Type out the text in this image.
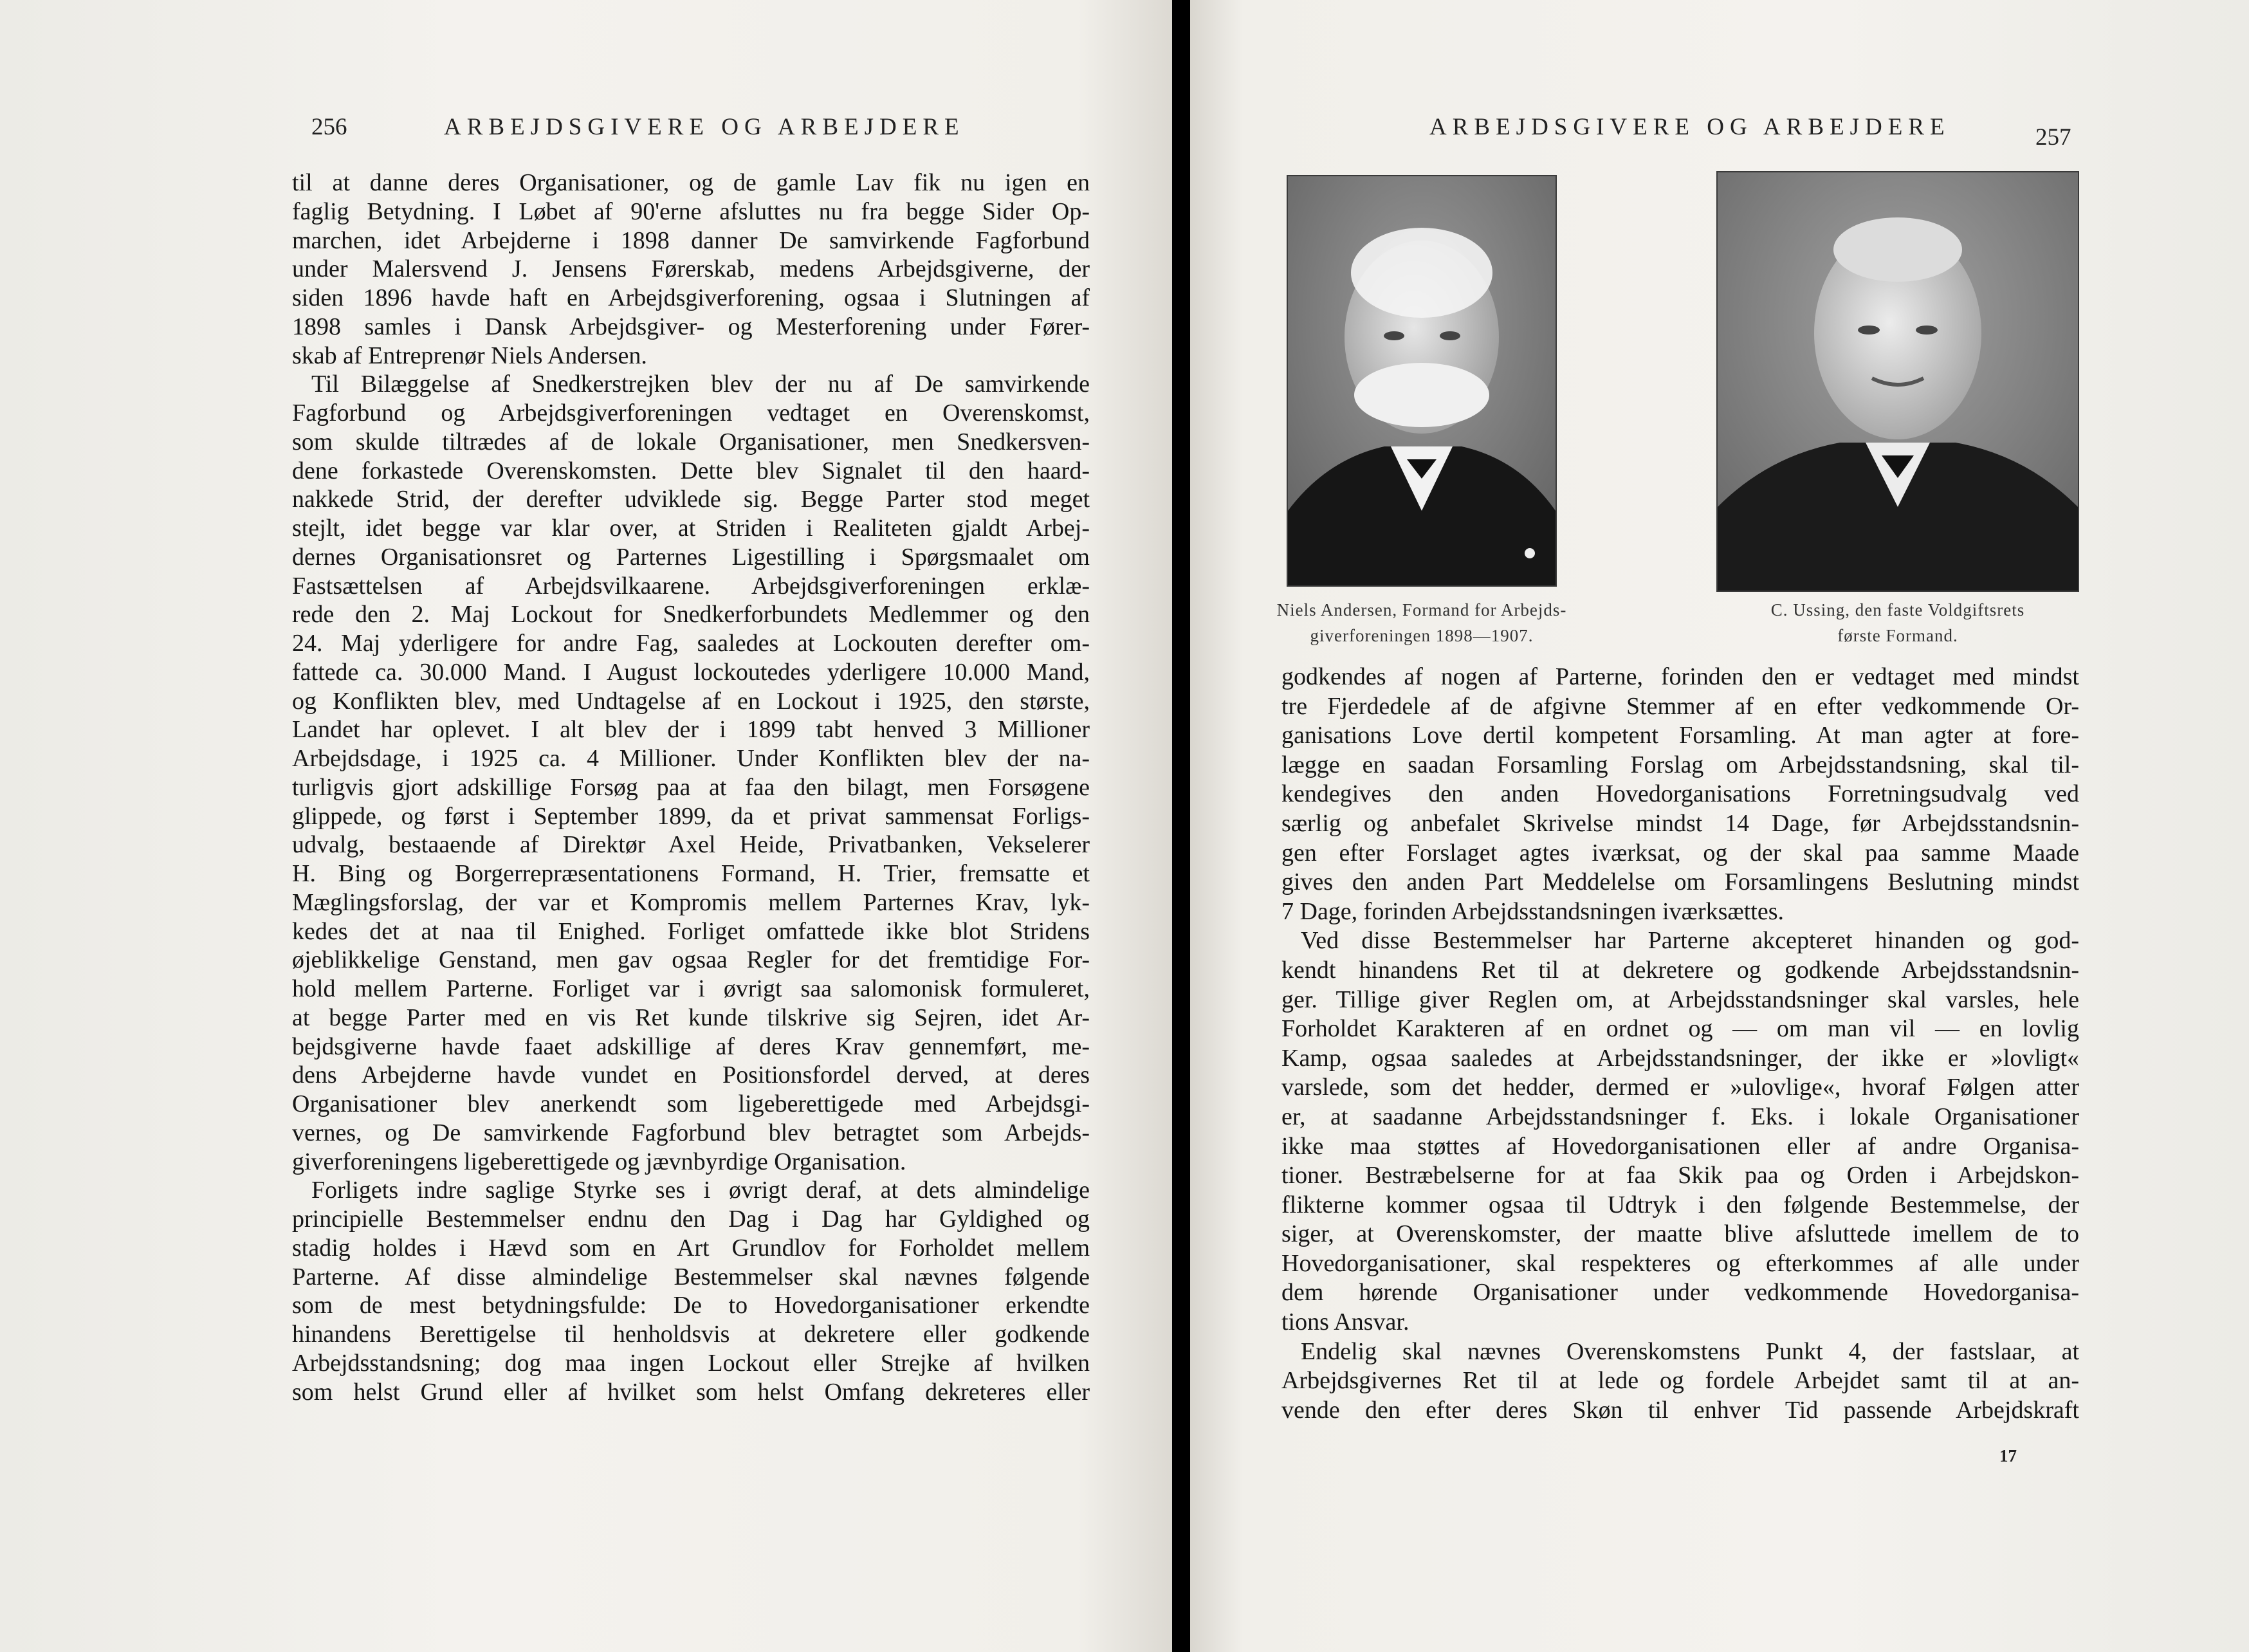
256	ARBEJDSGIVERE OG ARBEJDERE
til at danne deres Organisationer, og de gamle Lav fik nu igen en
faglig Betydning. I Løbet af 90'erne afsluttes nu fra begge Sider Op-
marchen, idet Arbejderne i 1898 danner De samvirkende Fagforbund
under Malersvend J. Jensens Førerskab, medens Arbejdsgiverne, der
siden 1896 havde haft en Arbejdsgiverforening, ogsaa i Slutningen af
1898 samles i Dansk Arbejdsgiver- og Mesterforening under Fører-
skab af Entreprenør Niels Andersen.
Til Bilæggelse af Snedkerstrejken blev der nu af De samvirkende
Fagforbund og Arbejdsgiverforeningen vedtaget en Overenskomst,
som skulde tiltrædes af de lokale Organisationer, men Snedkersven-
dene forkastede Overenskomsten. Dette blev Signalet til den haard-
nakkede Strid, der derefter udviklede sig. Begge Parter stod meget
stejlt, idet begge var klar over, at Striden i Realiteten gjaldt Arbej-
dernes Organisationsret og Parternes Ligestilling i Spørgsmaalet om
Fastsættelsen af Arbejdsvilkaarene. Arbejdsgiverforeningen erklæ-
rede den 2. Maj Lockout for Snedkerforbundets Medlemmer og den
24. Maj yderligere for andre Fag, saaledes at Lockouten derefter om-
fattede ca. 30.000 Mand. I August lockoutedes yderligere 10.000 Mand,
og Konflikten blev, med Undtagelse af en Lockout i 1925, den største,
Landet har oplevet. I alt blev der i 1899 tabt henved 3 Millioner
Arbejdsdage, i 1925 ca. 4 Millioner. Under Konflikten blev der na-
turligvis gjort adskillige Forsøg paa at faa den bilagt, men Forsøgene
glippede, og først i September 1899, da et privat sammensat Forligs-
udvalg, bestaaende af Direktør Axel Heide, Privatbanken, Vekselerer
H. Bing og Borgerrepræsentationens Formand, H. Trier, fremsatte et
Mæglingsforslag, der var et Kompromis mellem Parternes Krav, lyk-
kedes det at naa til Enighed. Forliget omfattede ikke blot Stridens
øjeblikkelige Genstand, men gav ogsaa Regler for det fremtidige For-
hold mellem Parterne. Forliget var i øvrigt saa salomonisk formuleret,
at begge Parter med en vis Ret kunde tilskrive sig Sejren, idet Ar-
bejdsgiverne havde faaet adskillige af deres Krav gennemført, me-
dens Arbejderne havde vundet en Positionsfordel derved, at deres
Organisationer blev anerkendt som ligeberettigede med Arbejdsgi-
vernes, og De samvirkende Fagforbund blev betragtet som Arbejds-
giverforeningens ligeberettigede og jævnbyrdige Organisation.
Forligets indre saglige Styrke ses i øvrigt deraf, at dets almindelige
principielle Bestemmelser endnu den Dag i Dag har Gyldighed og
stadig holdes i Hævd som en Art Grundlov for Forholdet mellem
Parterne. Af disse almindelige Bestemmelser skal nævnes følgende
som de mest betydningsfulde: De to Hovedorganisationer erkendte
hinandens Berettigelse til henholdsvis at dekretere eller godkende
Arbejdsstandsning; dog maa ingen Lockout eller Strejke af hvilken
som helst Grund eller af hvilket som helst Omfang dekreteres eller
ARBEJDSGIVERE OG ARBEJDERE	257
Niels Andersen, Formand for Arbejds-
giverforeningen 1898—1907.
C. Ussing, den faste Voldgiftsrets
første Formand.
godkendes af nogen af Parterne, forinden den er vedtaget med mindst
tre Fjerdedele af de afgivne Stemmer af en efter vedkommende Or-
ganisations Love dertil kompetent Forsamling. At man agter at fore-
lægge en saadan Forsamling Forslag om Arbejdsstandsning, skal til-
kendegives den anden Hovedorganisations Forretningsudvalg ved
særlig og anbefalet Skrivelse mindst 14 Dage, før Arbejdsstandsnin-
gen efter Forslaget agtes iværksat, og der skal paa samme Maade
gives den anden Part Meddelelse om Forsamlingens Beslutning mindst
7 Dage, forinden Arbejdsstandsningen iværksættes.
Ved disse Bestemmelser har Parterne akcepteret hinanden og god-
kendt hinandens Ret til at dekretere og godkende Arbejdsstandsnin-
ger. Tillige giver Reglen om, at Arbejdsstandsninger skal varsles, hele
Forholdet Karakteren af en ordnet og — om man vil — en lovlig
Kamp, ogsaa saaledes at Arbejdsstandsninger, der ikke er »lovligt«
varslede, som det hedder, dermed er »ulovlige«, hvoraf Følgen atter
er, at saadanne Arbejdsstandsninger f. Eks. i lokale Organisationer
ikke maa støttes af Hovedorganisationen eller af andre Organisa-
tioner. Bestræbelserne for at faa Skik paa og Orden i Arbejdskon-
flikterne kommer ogsaa til Udtryk i den følgende Bestemmelse, der
siger, at Overenskomster, der maatte blive afsluttede imellem de to
Hovedorganisationer, skal respekteres og efterkommes af alle under
dem hørende Organisationer under vedkommende Hovedorganisa-
tions Ansvar.
Endelig skal nævnes Overenskomstens Punkt 4, der fastslaar, at
Arbejdsgivernes Ret til at lede og fordele Arbejdet samt til at an-
vende den efter deres Skøn til enhver Tid passende Arbejdskraft
17
